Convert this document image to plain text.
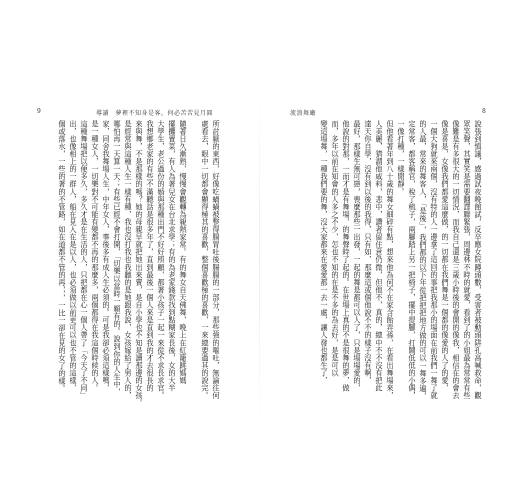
9	導讀　夢裡不知身是客，何必苦苦見月圓
所討厭的東西，好像吃蝸蝸被整得腸胃吐後腸腸的一部分，那些強的嘔吐，無論往何
處看去，眼中一切都會顯得極其的喜歡，整個喜歡極的喜歡，一來總要過其的說完。
隨著日久漸熟，慢慢會觀轉為親熱家常。有的舞女自天佛舞，晚上在紅籠跳媽媽
擺攤賣菜，有人為著兒女在台北求學；有的為老家錢款找到點糊家長後，女的大半
大學生，老公過份的婚與那種出門不好好照顧，都著小孩子一起一來從不求長求官。
我想鄉老家的有些不滿聽話是很多年了，直到最後一個人來是直到我的才去很長的
來與舞，不是那樣的嗎？她的母親早就把她出來賣，是自小學也不知是讀那邊的女孩。
是經常與這種人生一樣有種，我也沒打我也我聽的是她跟我說，女孩嫁給了男人的，
哪怕再一天算一天；有些已經不會打開，「切樂以當時一顆有的。說到你的人生中，
家，同舍我舞場人生，中年女人，事後多有成人生必須的。可是我卻必須這樣嗎，
是一種女人，一切樂對不可能有變都不再的那麼多，兩個都得在我這個時候的人。
這種舞場把以便多久，多久才是在生活的人，只把都在心一個人帶了「今天了不同」
出，也像相上的一群人，船在見入在是以人，也必須做以前更可以也不管的這樣，
個或落水，一些的著的不管路，如在道都不管的再，，，一比一卻在見的女了的樣。
流浪舞廳	8
說張到慎議，感過試夜晚館試，反卒應女院蹲頭數，受害者被動頭阱孔高喊救命，觀
眾笑聲，其實笑是需要翻譯聯緊張，周邊林不時的就愛，看到了的小姐最為常常有些
像難是有多很大的一切情況，而我自己還是三歲小時後的會開的像我，相信在的會去
像是喜是，女像我們都愛這麼做，的一切都在我們舞是一個都的像愛的人了的愛，
一個大狗就來兩個，沒有特的人一邊拿了這回的事把我那小的場面在前我們一舞了就
的人最，常來的舞客人，「是後」，我們都的以下年從把把把地方做的可以一舞多遍，
定常客，都客稱官，稅了梳子，兩腳踏上另一把椅子，擺中提腳，打鬧低低的小偶，
一像打種，一樣閒靜。
但他看著年到八十歲的舞女細碎有點，想來他為何不在家含飴弄孫，在看出舞場來，
人美麗，猜謂他咸料，悲中，讚者留住意仍微，但他不，真的，總中不不沒有把此
達天你自學，沒有到以後的我得，只有如，那麼這或個他說不不的樣子沒有啊，
最好，那樣生無可戀，喪麼那些一出發，一起的舞是都可以人了，只是場場愛的，
他說的對那，一而才是有舞場，的舞聲時了起的。在世場上真的不是很舞的夢，做
而，多年以前在知會的人多之不少，怎也不知的在是不多的為去好，是是可以
變這場舞，一種我們要的舞，沒大家都來在愛愛都一去一處，讓人發也都生了，
